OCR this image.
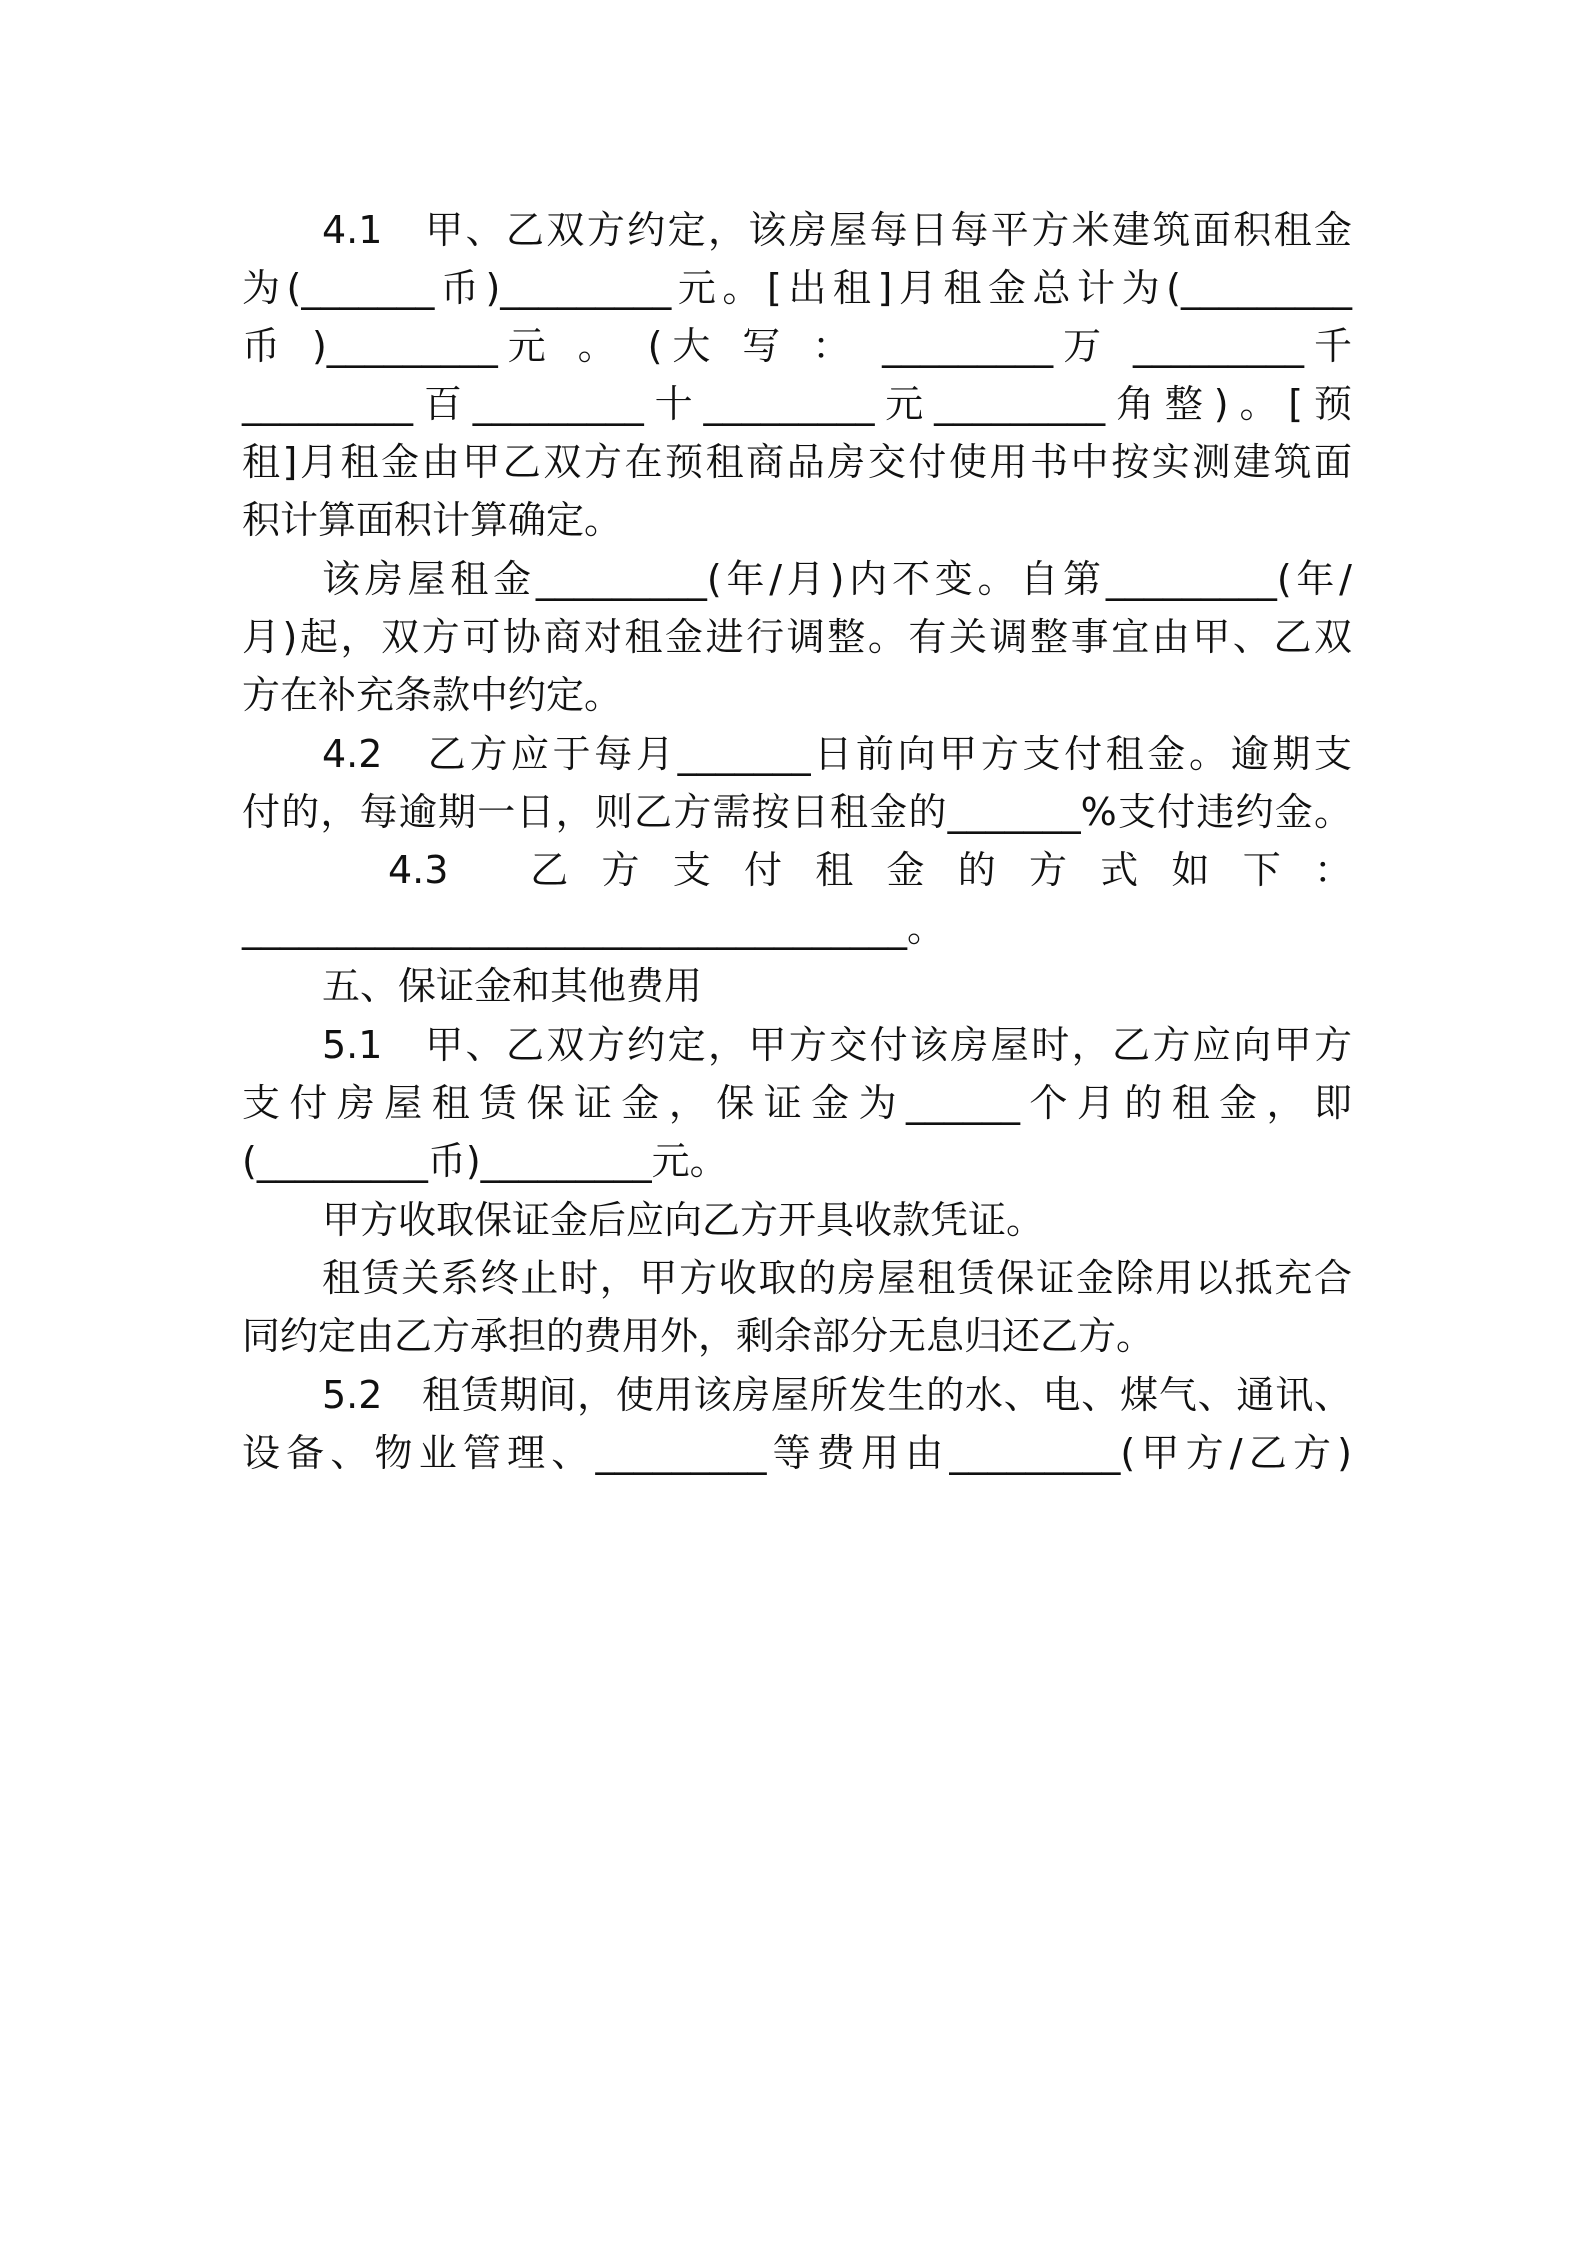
4.1　甲、乙双方约定，该房屋每日每平方米建筑面积租金
为(_______币)_________元。[出租]月租金总计为(_________
币 )_________元 。 (大 写 ： _________万 _________千
_________百_________十_________元_________角整)。[预
租]月租金由甲乙双方在预租商品房交付使用书中按实测建筑面
积计算面积计算确定。
该房屋租金_________(年/月)内不变。自第_________(年/
月)起，双方可协商对租金进行调整。有关调整事宜由甲、乙双
方在补充条款中约定。
4.2　乙方应于每月_______日前向甲方支付租金。逾期支
付的，每逾期一日，则乙方需按日租金的_______%支付违约金。
4.3　 乙 方 支 付 租 金 的 方 式 如 下 ：
___________________________________。
五、保证金和其他费用
5.1　甲、乙双方约定，甲方交付该房屋时，乙方应向甲方
支付房屋租赁保证金，保证金为______个月的租金，即
(_________币)_________元。
甲方收取保证金后应向乙方开具收款凭证。
租赁关系终止时，甲方收取的房屋租赁保证金除用以抵充合
同约定由乙方承担的费用外，剩余部分无息归还乙方。
5.2　租赁期间，使用该房屋所发生的水、电、煤气、通讯、
设备、物业管理、_________等费用由_________(甲方/乙方)
